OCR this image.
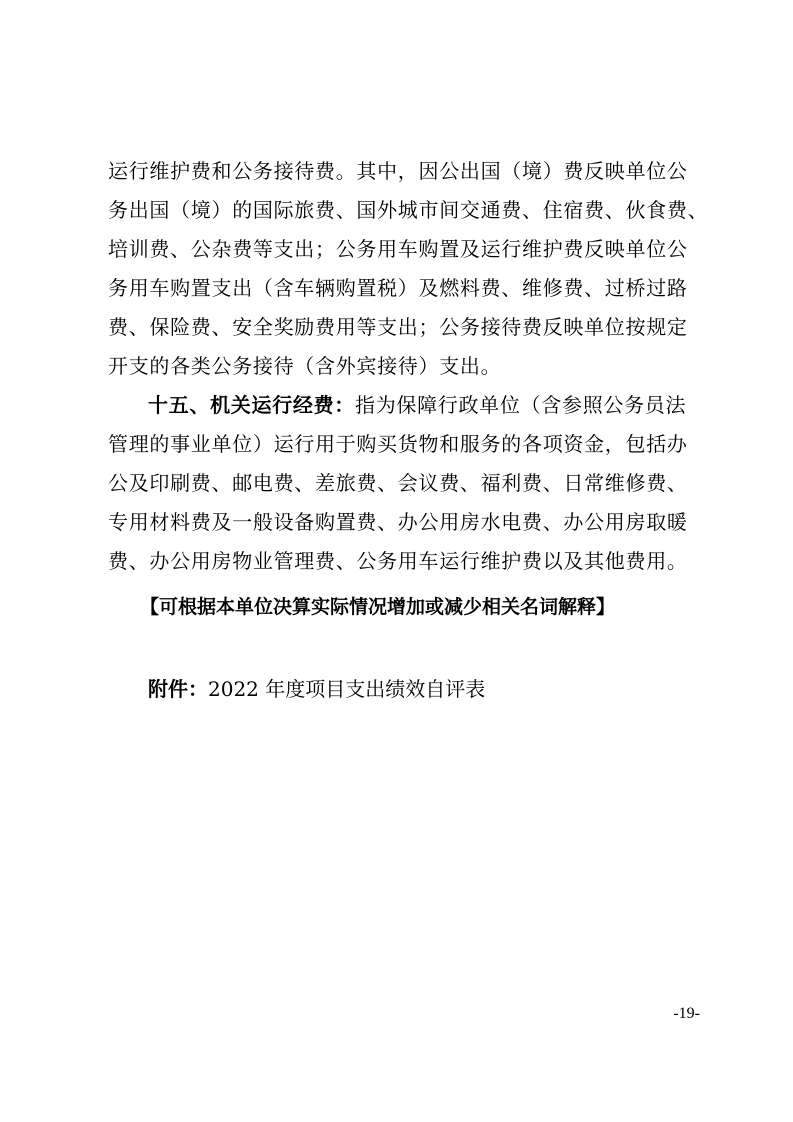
运行维护费和公务接待费。其中，因公出国（境）费反映单位公
务出国（境）的国际旅费、国外城市间交通费、住宿费、伙食费、
培训费、公杂费等支出；公务用车购置及运行维护费反映单位公
务用车购置支出（含车辆购置税）及燃料费、维修费、过桥过路
费、保险费、安全奖励费用等支出；公务接待费反映单位按规定
开支的各类公务接待（含外宾接待）支出。
十五、机关运行经费：指为保障行政单位（含参照公务员法
管理的事业单位）运行用于购买货物和服务的各项资金，包括办
公及印刷费、邮电费、差旅费、会议费、福利费、日常维修费、
专用材料费及一般设备购置费、办公用房水电费、办公用房取暖
费、办公用房物业管理费、公务用车运行维护费以及其他费用。
【可根据本单位决算实际情况增加或减少相关名词解释】
附件：2022 年度项目支出绩效自评表
-19-
